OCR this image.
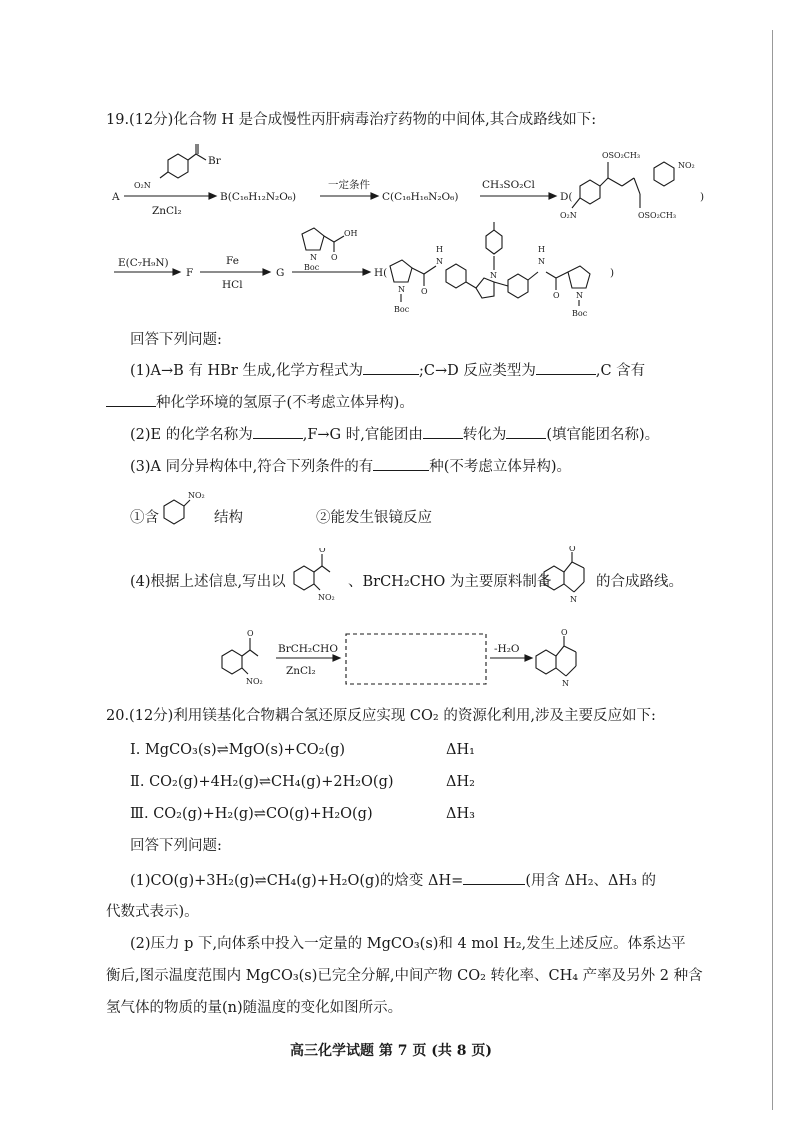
19.(12分)化合物 H 是合成慢性丙肝病毒治疗药物的中间体,其合成路线如下:
A
Br
O₂N
ZnCl₂
B(C₁₆H₁₂N₂O₆)
一定条件
C(C₁₆H₁₆N₂O₆)
CH₃SO₂Cl
D(
OSO₂CH₃
OSO₂CH₃
NO₂
O₂N
)
E(C₇H₉N)
F
Fe
HCl
G
N
Boc
O
OH
H(
N
Boc
O
H
N
N
H
N
O N
Boc
)
回答下列问题:
(1)A→B 有 HBr 生成,化学方程式为	;C→D 反应类型为	,C 含有
种化学环境的氢原子(不考虑立体异构)。
(2)E 的化学名称为	,F→G 时,官能团由	转化为	(填官能团名称)。
(3)A 同分异构体中,符合下列条件的有	种(不考虑立体异构)。
①含
NO₂
结构	②能发生银镜反应
(4)根据上述信息,写出以
O
NO₂
、BrCH₂CHO 为主要原料制备
O
N
的合成路线。
O
NO₂
BrCH₂CHO
ZnCl₂
-H₂O
O
N
20.(12分)利用镁基化合物耦合氢还原反应实现 CO₂ 的资源化利用,涉及主要反应如下:
Ⅰ. MgCO₃(s)⇌MgO(s)+CO₂(g)	ΔH₁
Ⅱ. CO₂(g)+4H₂(g)⇌CH₄(g)+2H₂O(g)	ΔH₂
Ⅲ. CO₂(g)+H₂(g)⇌CO(g)+H₂O(g)	ΔH₃
回答下列问题:
(1)CO(g)+3H₂(g)⇌CH₄(g)+H₂O(g)的焓变 ΔH=	(用含 ΔH₂、ΔH₃ 的
代数式表示)。
(2)压力 p 下,向体系中投入一定量的 MgCO₃(s)和 4 mol H₂,发生上述反应。体系达平
衡后,图示温度范围内 MgCO₃(s)已完全分解,中间产物 CO₂ 转化率、CH₄ 产率及另外 2 种含
氢气体的物质的量(n)随温度的变化如图所示。
高三化学试题 第 7 页 (共 8 页)
